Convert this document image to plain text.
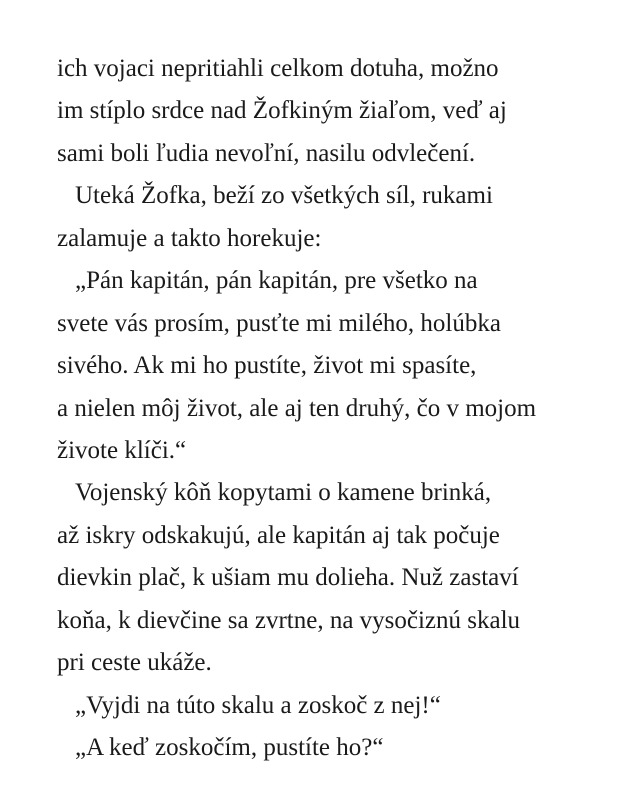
ich vojaci nepritiahli celkom dotuha, možno
im stíplo srdce nad Žofkiným žiaľom, veď aj
sami boli ľudia nevoľní, nasilu odvlečení.
Uteká Žofka, beží zo všetkých síl, rukami
zalamuje a takto horekuje:
„Pán kapitán, pán kapitán, pre všetko na
svete vás prosím, pusťte mi milého, holúbka
sivého. Ak mi ho pustíte, život mi spasíte,
a nielen môj život, ale aj ten druhý, čo v mojom
živote klíči.“
Vojenský kôň kopytami o kamene brinká,
až iskry odskakujú, ale kapitán aj tak počuje
dievkin plač, k ušiam mu dolieha. Nuž zastaví
koňa, k dievčine sa zvrtne, na vysočiznú skalu
pri ceste ukáže.
„Vyjdi na túto skalu a zoskoč z nej!“
„A keď zoskočím, pustíte ho?“
